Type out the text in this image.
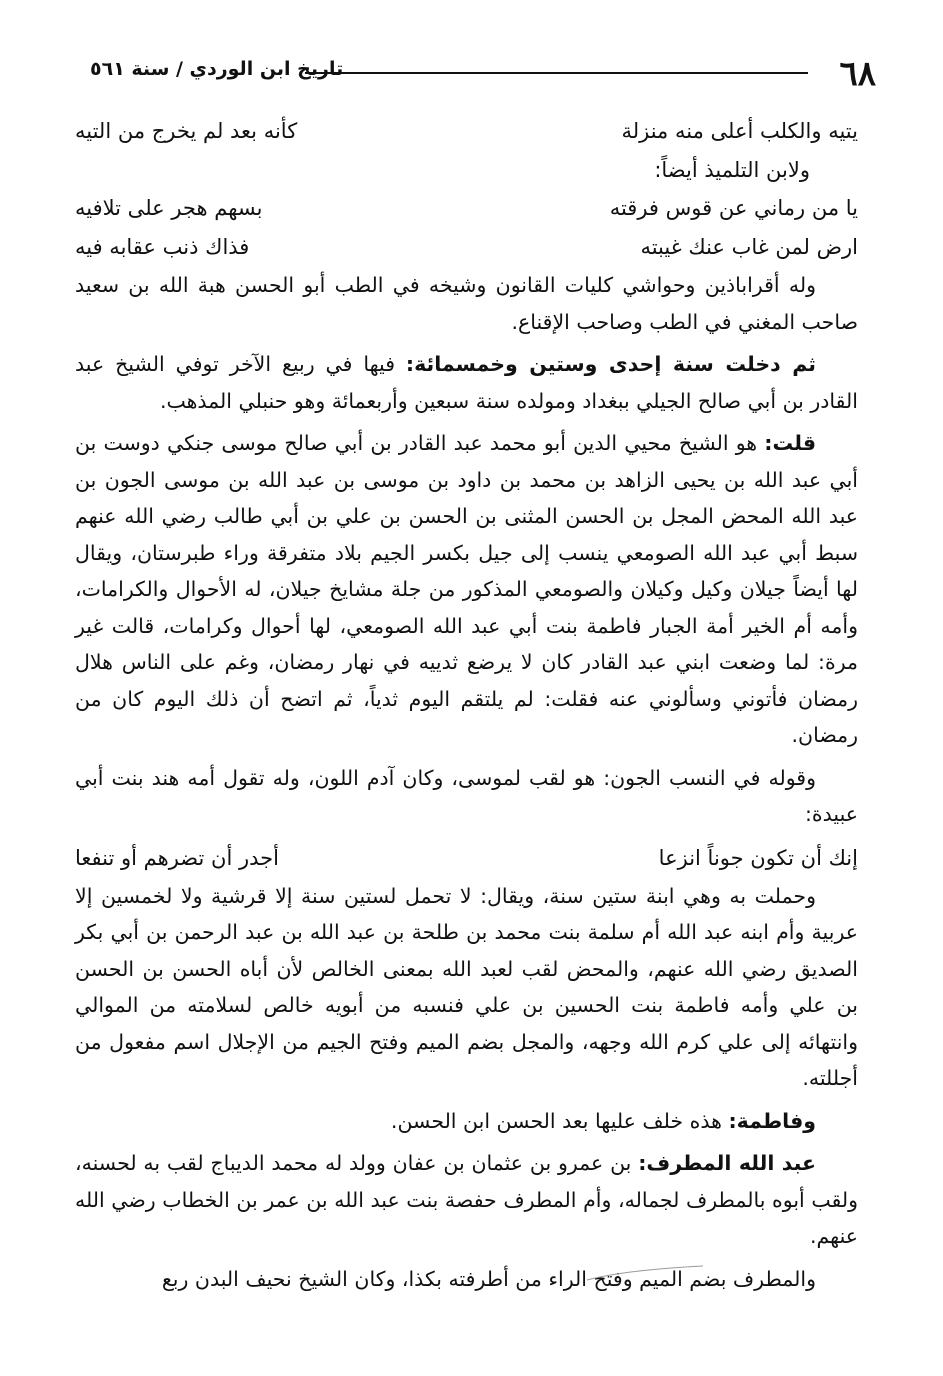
٦٨
تاريخ ابن الوردي / سنة ٥٦١
يتيه والكلب أعلى منه منزلة
كأنه بعد لم يخرج من التيه
ولابن التلميذ أيضاً:
يا من رماني عن قوس فرقته
بسهم هجر على تلافيه
ارض لمن غاب عنك غيبته
فذاك ذنب عقابه فيه

وله أقراباذين وحواشي كليات القانون وشيخه في الطب أبو الحسن هبة الله بن سعيد صاحب المغني في الطب وصاحب الإقناع.

ثم دخلت سنة إحدى وستين وخمسمائة: فيها في ربيع الآخر توفي الشيخ عبد القادر بن أبي صالح الجيلي ببغداد ومولده سنة سبعين وأربعمائة وهو حنبلي المذهب.

قلت: هو الشيخ محيي الدين أبو محمد عبد القادر بن أبي صالح موسى جنكي دوست بن أبي عبد الله بن يحيى الزاهد بن محمد بن داود بن موسى بن عبد الله بن موسى الجون بن عبد الله المحض المجل بن الحسن المثنى بن الحسن بن علي بن أبي طالب رضي الله عنهم سبط أبي عبد الله الصومعي ينسب إلى جيل بكسر الجيم بلاد متفرقة وراء طبرستان، ويقال لها أيضاً جيلان وكيل وكيلان والصومعي المذكور من جلة مشايخ جيلان، له الأحوال والكرامات، وأمه أم الخير أمة الجبار فاطمة بنت أبي عبد الله الصومعي، لها أحوال وكرامات، قالت غير مرة: لما وضعت ابني عبد القادر كان لا يرضع ثدييه في نهار رمضان، وغم على الناس هلال رمضان فأتوني وسألوني عنه فقلت: لم يلتقم اليوم ثدياً، ثم اتضح أن ذلك اليوم كان من رمضان.

وقوله في النسب الجون: هو لقب لموسى، وكان آدم اللون، وله تقول أمه هند بنت أبي عبيدة:

إنك أن تكون جوناً انزعا
أجدر أن تضرهم أو تنفعا

وحملت به وهي ابنة ستين سنة، ويقال: لا تحمل لستين سنة إلا قرشية ولا لخمسين إلا عربية وأم ابنه عبد الله أم سلمة بنت محمد بن طلحة بن عبد الله بن عبد الرحمن بن أبي بكر الصديق رضي الله عنهم، والمحض لقب لعبد الله بمعنى الخالص لأن أباه الحسن بن الحسن بن علي وأمه فاطمة بنت الحسين بن علي فنسبه من أبويه خالص لسلامته من الموالي وانتهائه إلى علي كرم الله وجهه، والمجل بضم الميم وفتح الجيم من الإجلال اسم مفعول من أجللته.

وفاطمة: هذه خلف عليها بعد الحسن ابن الحسن.

عبد الله المطرف: بن عمرو بن عثمان بن عفان وولد له محمد الديباج لقب به لحسنه، ولقب أبوه بالمطرف لجماله، وأم المطرف حفصة بنت عبد الله بن عمر بن الخطاب رضي الله عنهم.

والمطرف بضم الميم وفتح الراء من أطرفته بكذا، وكان الشيخ نحيف البدن ربع
